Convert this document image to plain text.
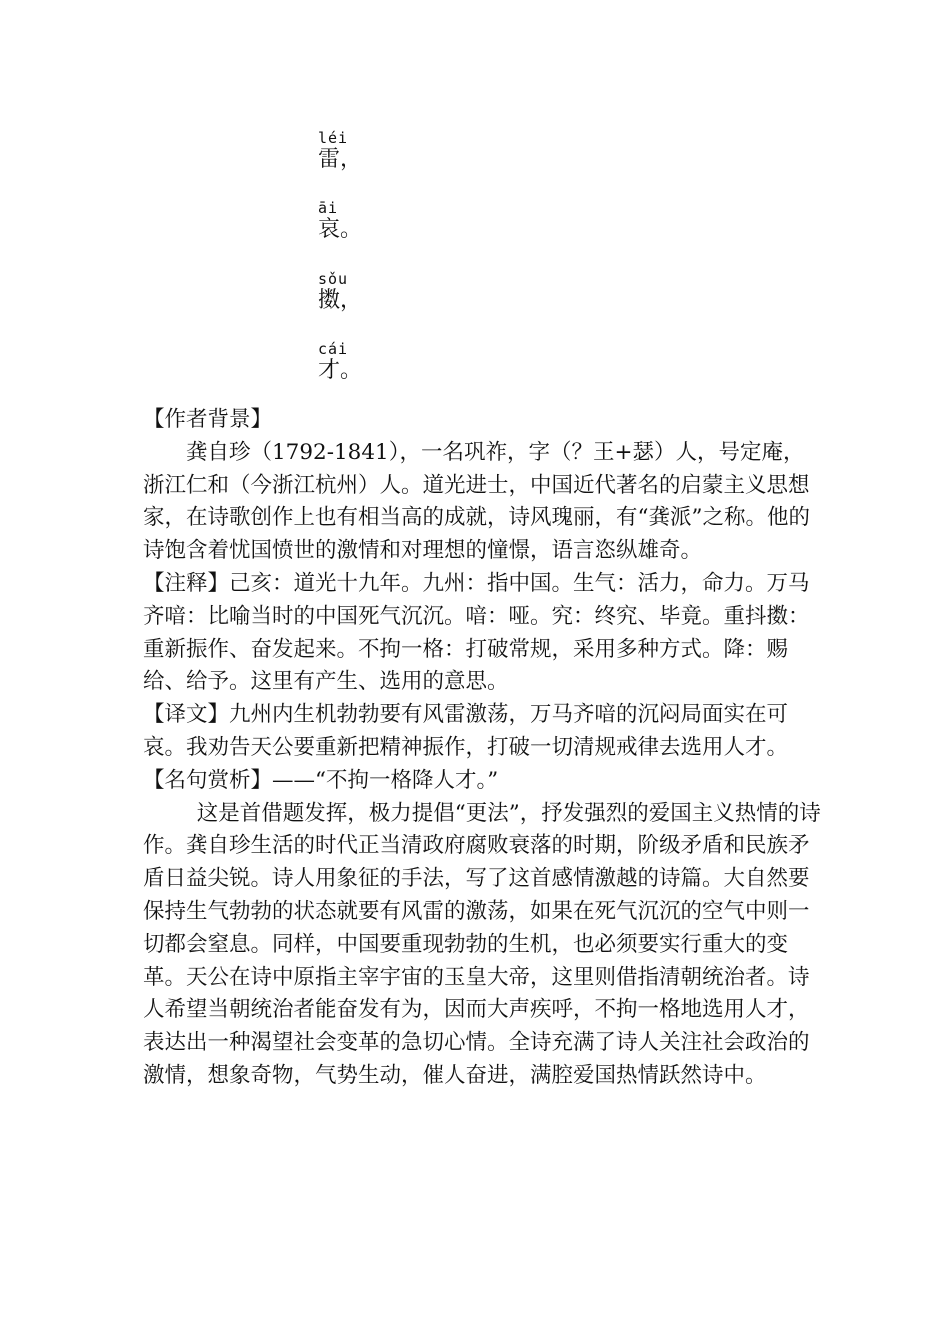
léi
雷，
āi
哀。
sǒu
擞，
cái
才。

【作者背景】

龚自珍（1792-1841），一名巩祚，字（？王+瑟）人，号定庵，浙江仁和（今浙江杭州）人。道光进士，中国近代著名的启蒙主义思想家，在诗歌创作上也有相当高的成就，诗风瑰丽，有“龚派”之称。他的诗饱含着忧国愤世的激情和对理想的憧憬，语言恣纵雄奇。

【注释】己亥：道光十九年。九州：指中国。生气：活力，命力。万马齐喑：比喻当时的中国死气沉沉。喑：哑。究：终究、毕竟。重抖擞：重新振作、奋发起来。不拘一格：打破常规，采用多种方式。降：赐给、给予。这里有产生、选用的意思。

【译文】九州内生机勃勃要有风雷激荡，万马齐喑的沉闷局面实在可哀。我劝告天公要重新把精神振作，打破一切清规戒律去选用人才。

【名句赏析】——“不拘一格降人才。”

这是首借题发挥，极力提倡“更法”，抒发强烈的爱国主义热情的诗作。龚自珍生活的时代正当清政府腐败衰落的时期，阶级矛盾和民族矛盾日益尖锐。诗人用象征的手法，写了这首感情激越的诗篇。大自然要保持生气勃勃的状态就要有风雷的激荡，如果在死气沉沉的空气中则一切都会窒息。同样，中国要重现勃勃的生机，也必须要实行重大的变革。天公在诗中原指主宰宇宙的玉皇大帝，这里则借指清朝统治者。诗人希望当朝统治者能奋发有为，因而大声疾呼，不拘一格地选用人才，表达出一种渴望社会变革的急切心情。全诗充满了诗人关注社会政治的激情，想象奇物，气势生动，催人奋进，满腔爱国热情跃然诗中。
